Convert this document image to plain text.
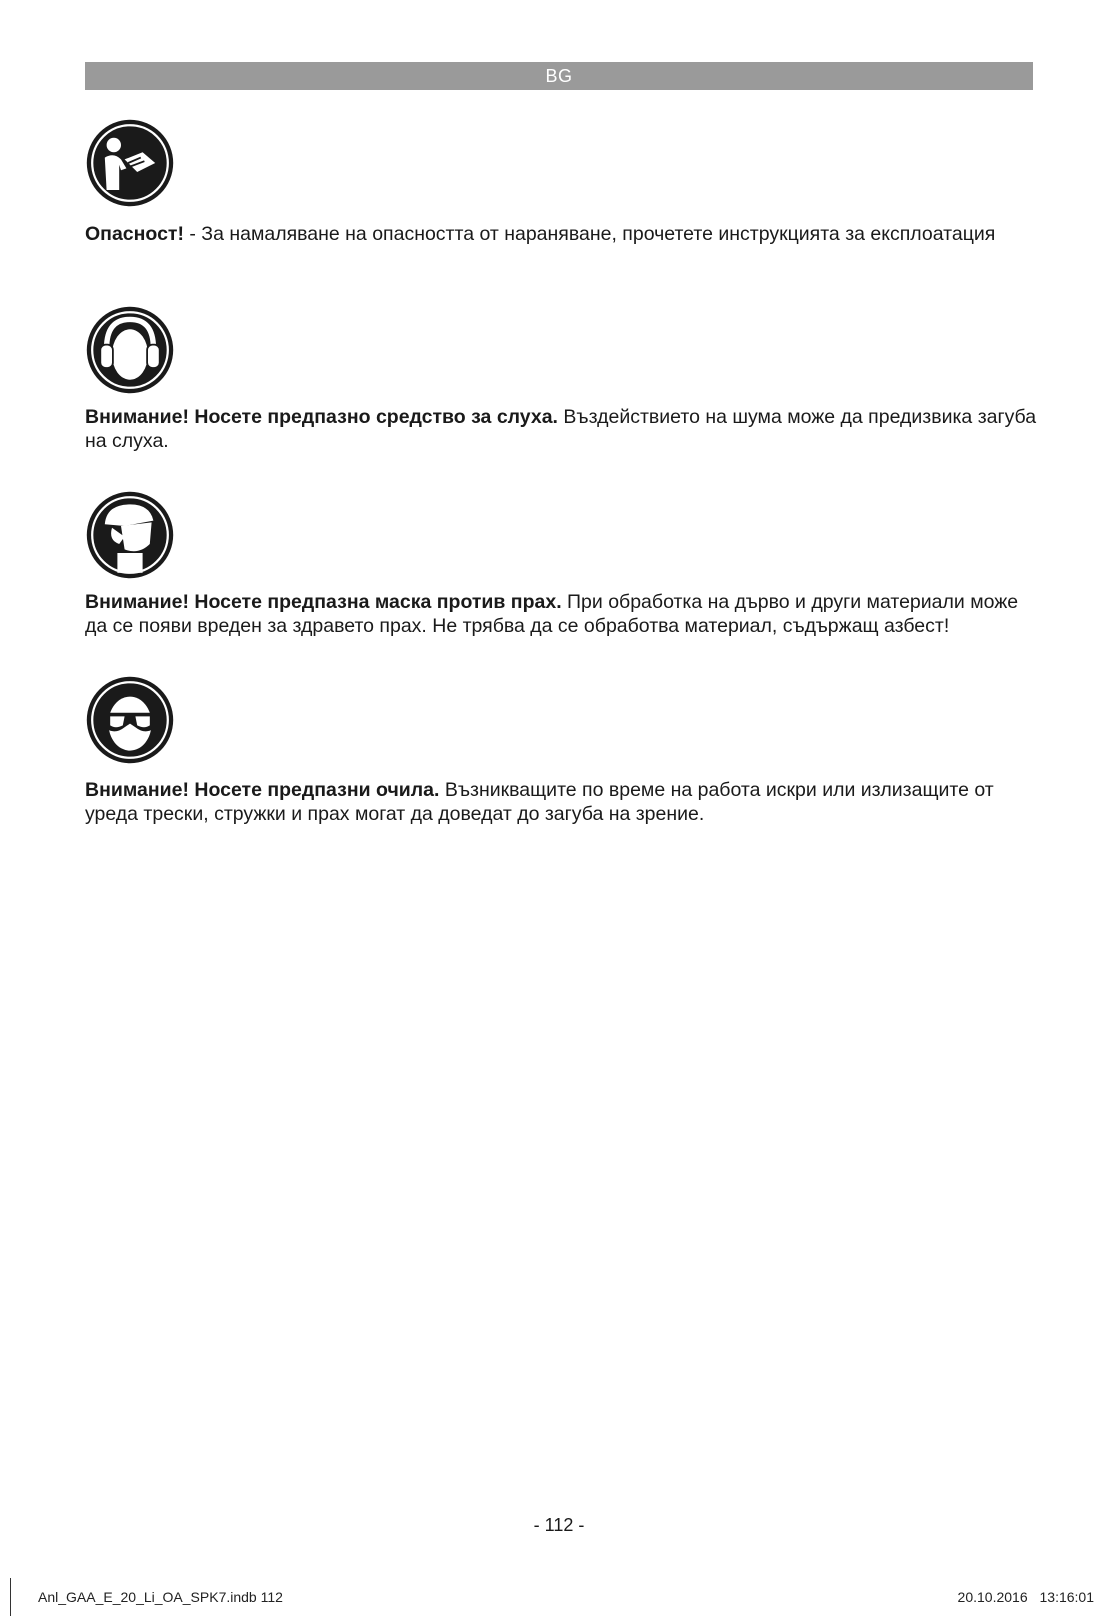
BG

Опасност! - За намаляване на опасността от нараняване, прочетете инструкцията за експлоатация

Внимание! Носете предпазно средство за слуха. Въздействието на шума може да предизвика загуба на слуха.

Внимание! Носете предпазна маска против прах. При обработка на дърво и други материали може да се появи вреден за здравето прах. Не трябва да се обработва материал, съдържащ азбест!

Внимание! Носете предпазни очила. Възникващите по време на работа искри или излизащите от уреда трески, стружки и прах могат да доведат до загуба на зрение.

- 112 -
Anl_GAA_E_20_Li_OA_SPK7.indb 112	20.10.2016 13:16:01
